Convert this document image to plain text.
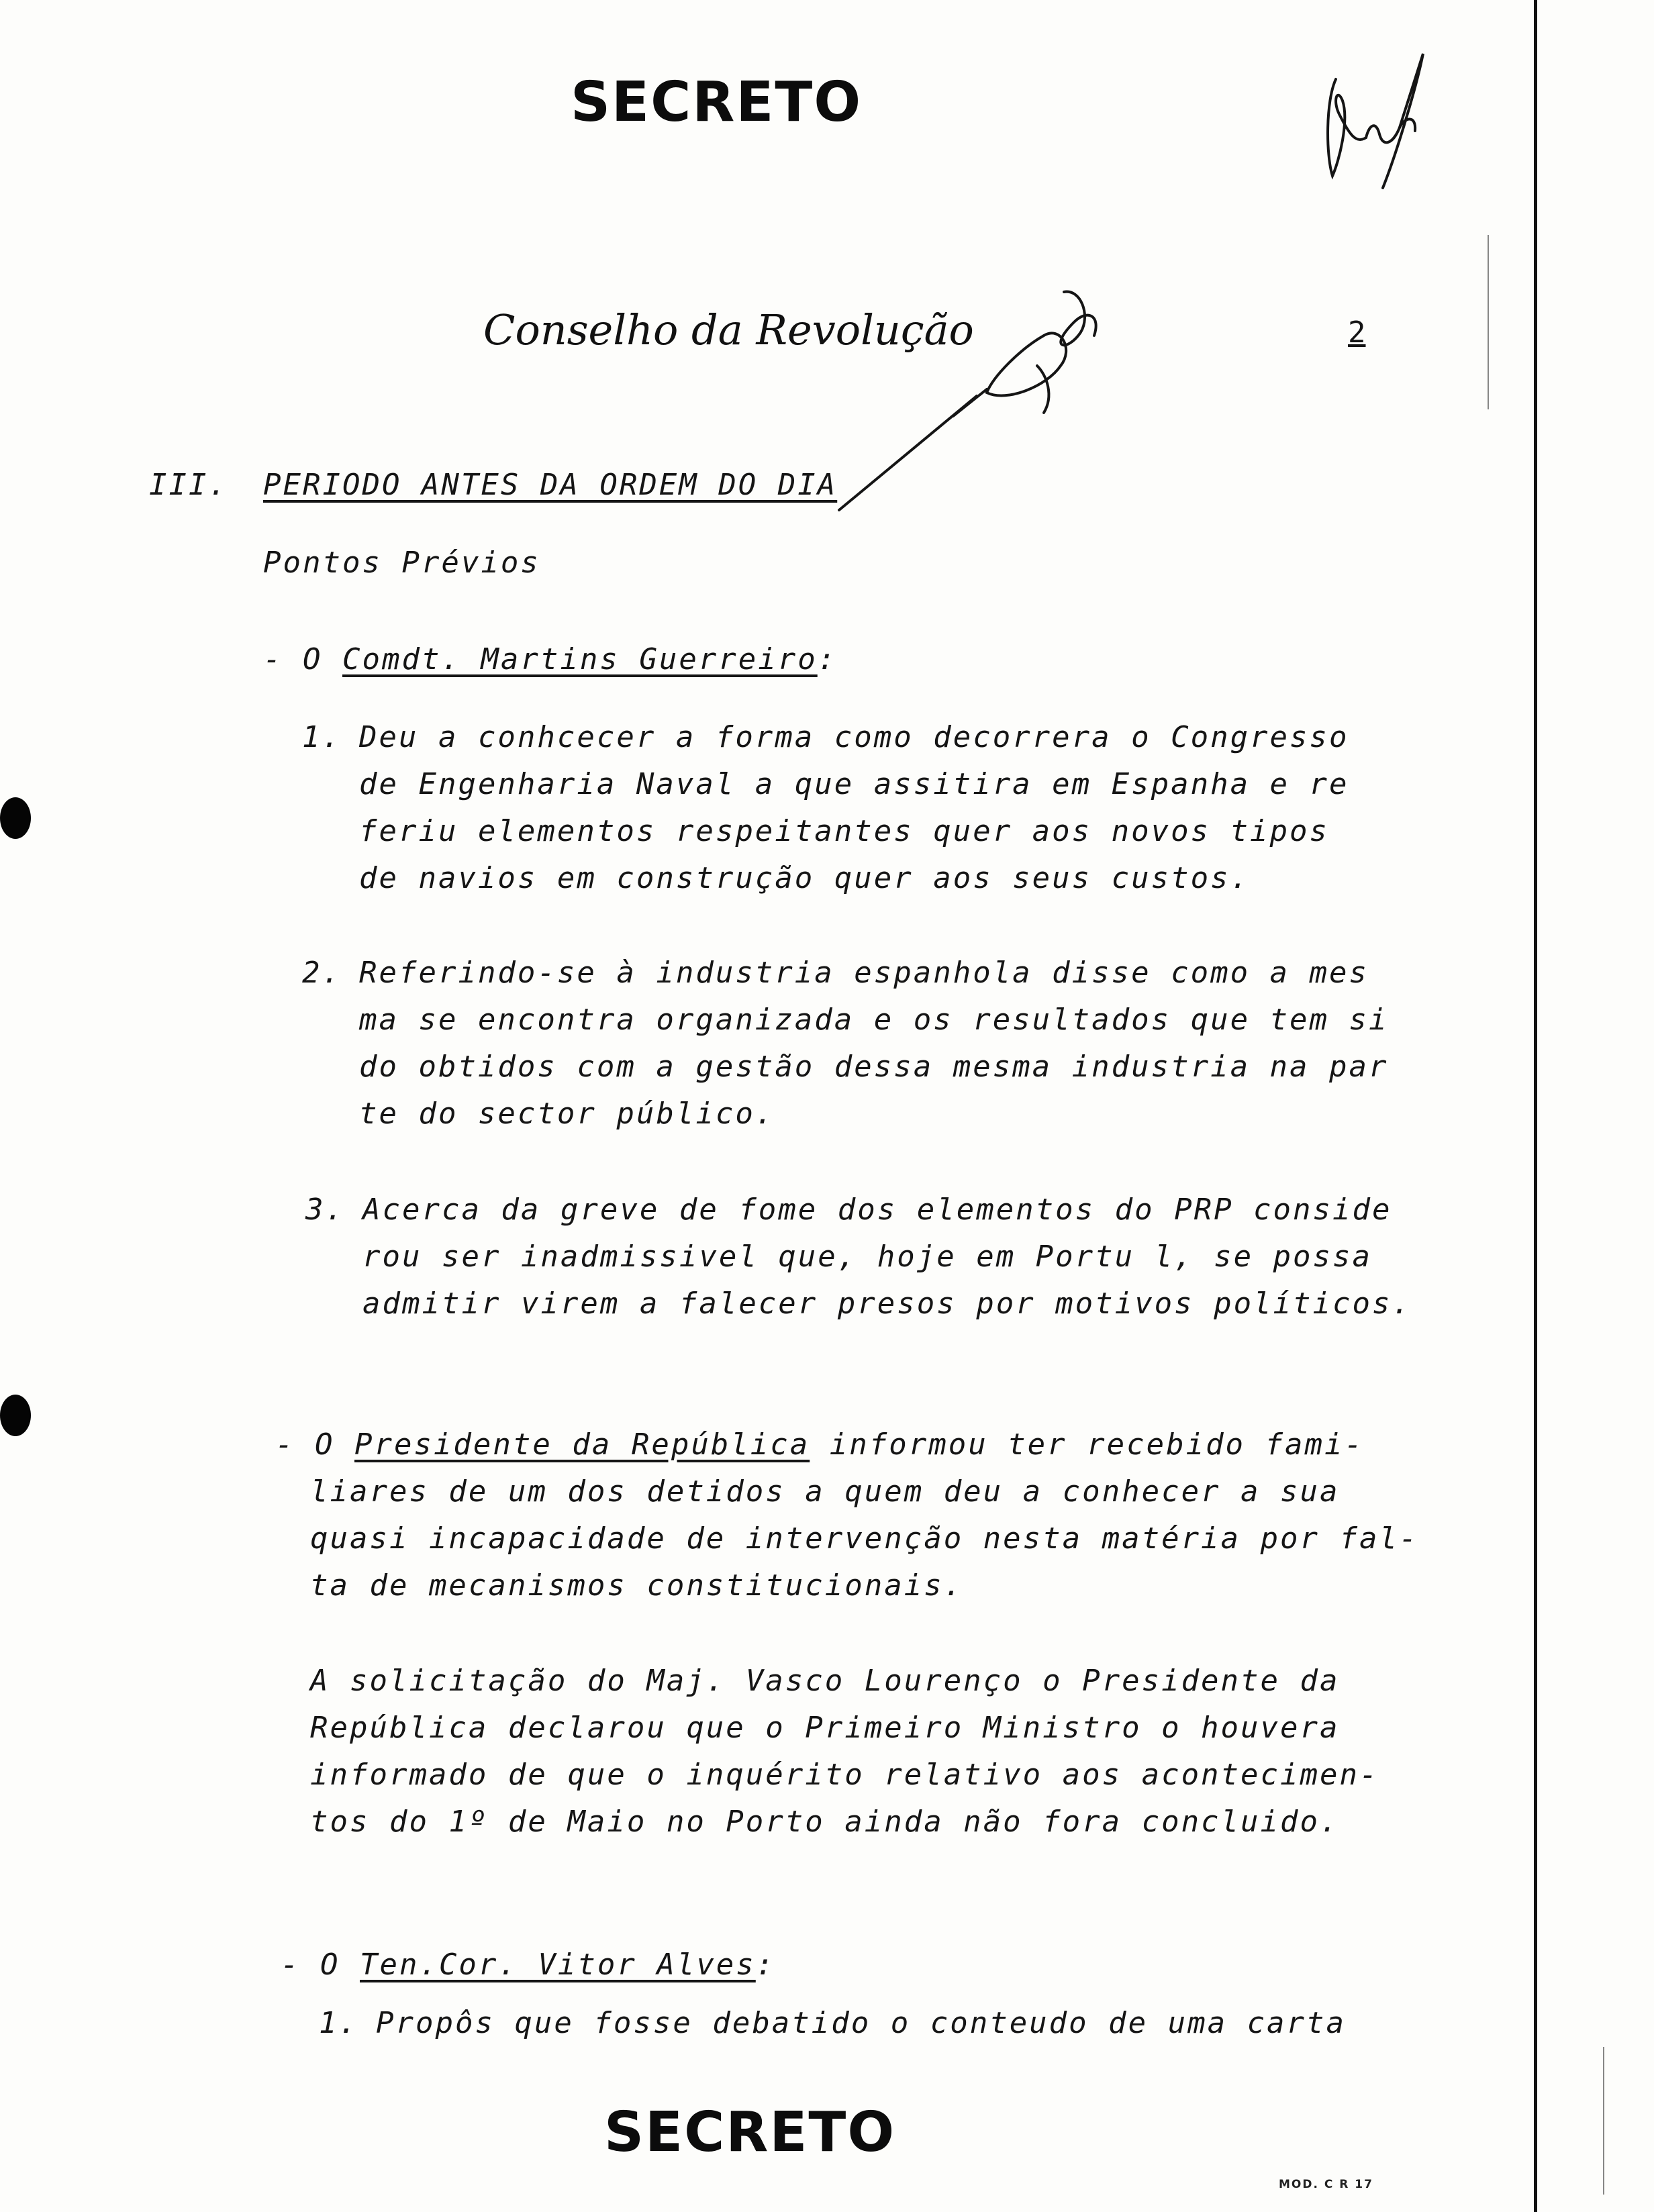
SECRETO
Conselho da Revolução	2
III. PERIODO ANTES DA ORDEM DO DIA
Pontos Prévios
- O Comdt. Martins Guerreiro:
1. Deu a conhcecer a forma como decorrera o Congresso
de Engenharia Naval a que assitira em Espanha e re
feriu elementos respeitantes quer aos novos tipos
de navios em construção quer aos seus custos.
2. Referindo-se à industria espanhola disse como a mes
ma se encontra organizada e os resultados que tem si
do obtidos com a gestão dessa mesma industria na par
te do sector público.
3. Acerca da greve de fome dos elementos do PRP conside
rou ser inadmissivel que, hoje em Portu l, se possa
admitir virem a falecer presos por motivos políticos.
- O Presidente da República informou ter recebido fami-
liares de um dos detidos a quem deu a conhecer a sua
quasi incapacidade de intervenção nesta matéria por fal-
ta de mecanismos constitucionais.
A solicitação do Maj. Vasco Lourenço o Presidente da
República declarou que o Primeiro Ministro o houvera
informado de que o inquérito relativo aos acontecimen-
tos do 1º de Maio no Porto ainda não fora concluido.
- O Ten.Cor. Vitor Alves:
1. Propôs que fosse debatido o conteudo de uma carta
SECRETO
MOD. C R 17
